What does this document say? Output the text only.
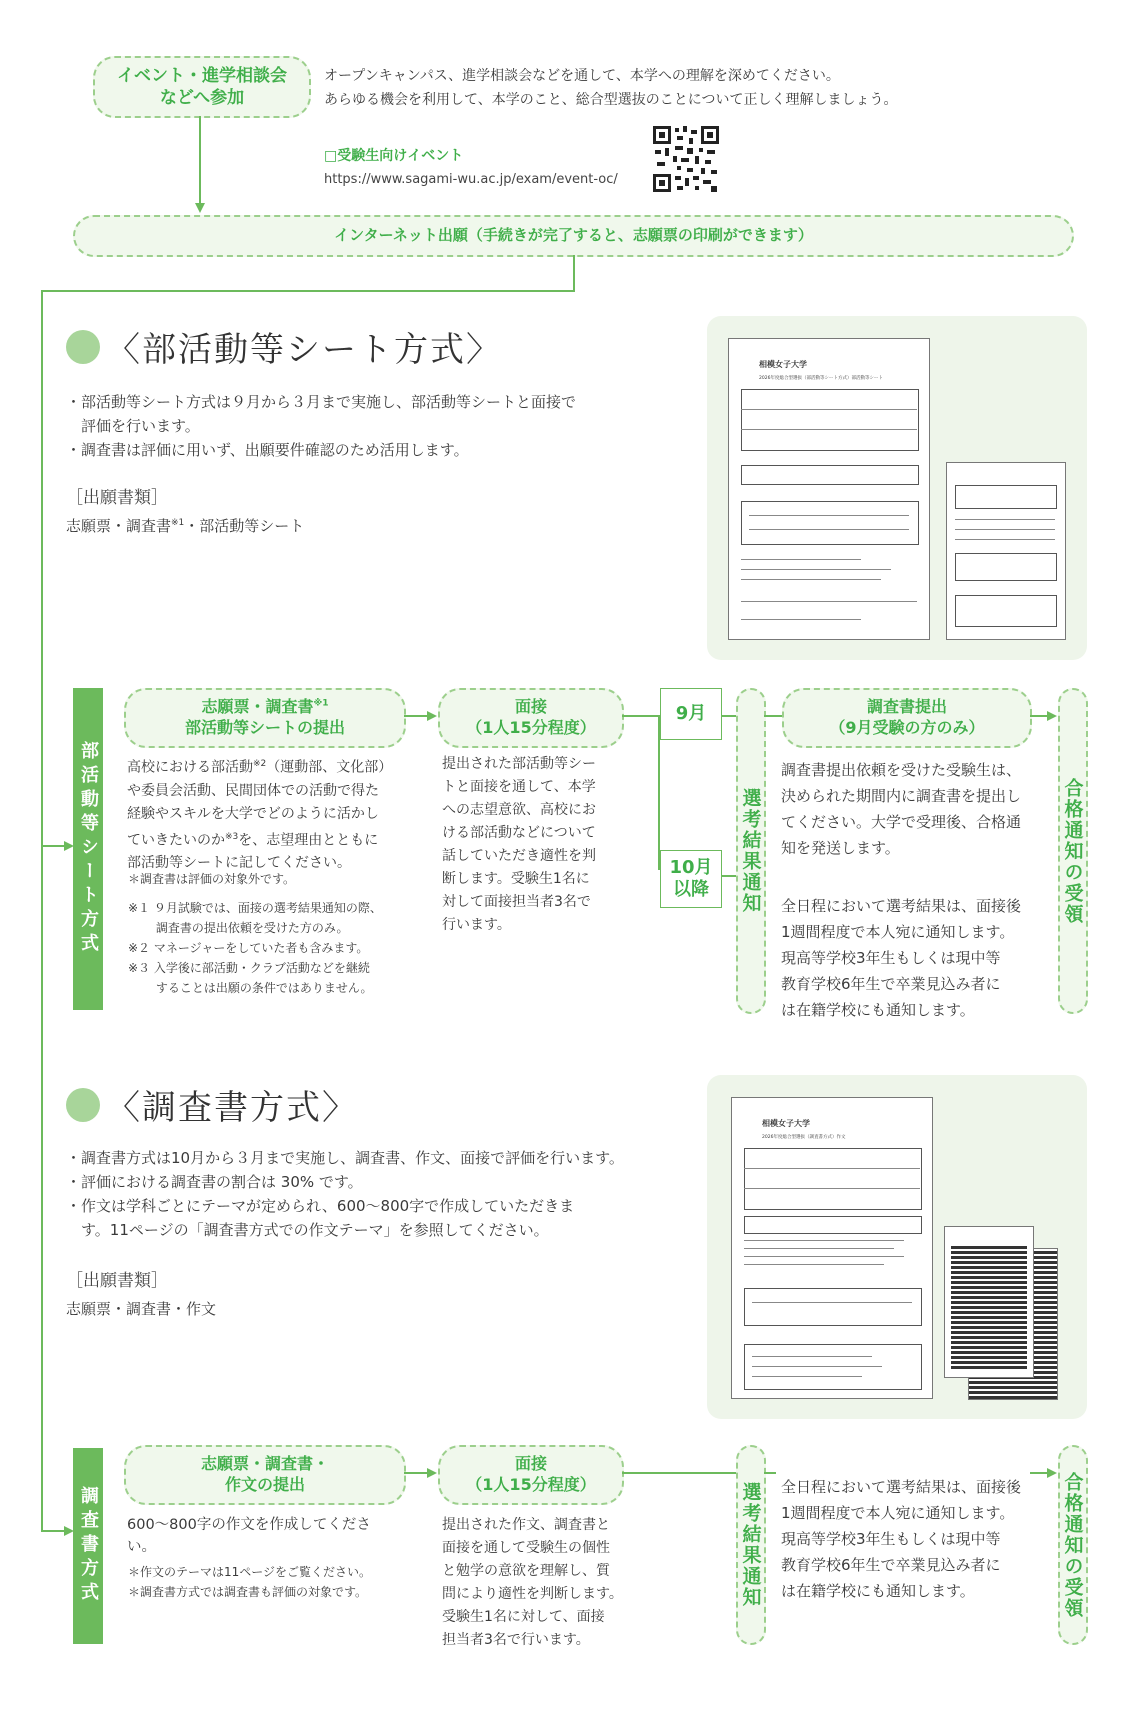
イベント・進学相談会
などへ参加
オープンキャンパス、進学相談会などを通して、本学への理解を深めてください。
あらゆる機会を利用して、本学のこと、総合型選抜のことについて正しく理解しましょう。
□受験生向けイベント
https://www.sagami-wu.ac.jp/exam/event-oc/
インターネット出願（手続きが完了すると、志願票の印刷ができます）
〈部活動等シート方式〉
・部活動等シート方式は９月から３月まで実施し、部活動等シートと面接で
　評価を行います。
・調査書は評価に用いず、出願要件確認のため活用します。
［出願書類］
志願票・調査書$^{※1}$・部活動等シート
相模女子大学
2026年度総合型選抜（部活動等シート方式）部活動等シート
部活動等シート方式
志願票・調査書$^{※1}$
部活動等シートの提出
高校における部活動$^{※2}$（運動部、文化部）
や委員会活動、民間団体での活動で得た
経験やスキルを大学でどのように活かし
ていきたいのか$^{※3}$を、志望理由とともに
部活動等シートに記してください。
＊調査書は評価の対象外です。
※１ ９月試験では、面接の選考結果通知の際、
　　 調査書の提出依頼を受けた方のみ。
※２ マネージャーをしていた者も含みます。
※３ 入学後に部活動・クラブ活動などを継続
　　 することは出願の条件ではありません。
面接
（1人15分程度）
提出された部活動等シー
トと面接を通して、本学
への志望意欲、高校にお
ける部活動などについて
話していただき適性を判
断します。受験生1名に
対して面接担当者3名で
行います。
9月
10月
以降	選考結果通知
調査書提出
（9月受験の方のみ）
調査書提出依頼を受けた受験生は、
決められた期間内に調査書を提出し
てください。大学で受理後、合格通
知を発送します。
全日程において選考結果は、面接後
1週間程度で本人宛に通知します。
現高等学校3年生もしくは現中等
教育学校6年生で卒業見込み者に
は在籍学校にも通知します。
合格通知の受領
〈調査書方式〉
・調査書方式は10月から３月まで実施し、調査書、作文、面接で評価を行います。
・評価における調査書の割合は 30% です。
・作文は学科ごとにテーマが定められ、600～800字で作成していただきま
　す。11ページの「調査書方式での作文テーマ」を参照してください。
［出願書類］
志願票・調査書・作文
相模女子大学
2026年度総合型選抜（調査書方式）作文
調査書方式
志願票・調査書・
作文の提出
600～800字の作文を作成してくださ
い。
＊作文のテーマは11ページをご覧ください。
＊調査書方式では調査書も評価の対象です。
面接
（1人15分程度）
提出された作文、調査書と
面接を通して受験生の個性
と勉学の意欲を理解し、質
問により適性を判断します。
受験生1名に対して、面接
担当者3名で行います。
選考結果通知	全日程において選考結果は、面接後
1週間程度で本人宛に通知します。
現高等学校3年生もしくは現中等
教育学校6年生で卒業見込み者に
は在籍学校にも通知します。	合格通知の受領
